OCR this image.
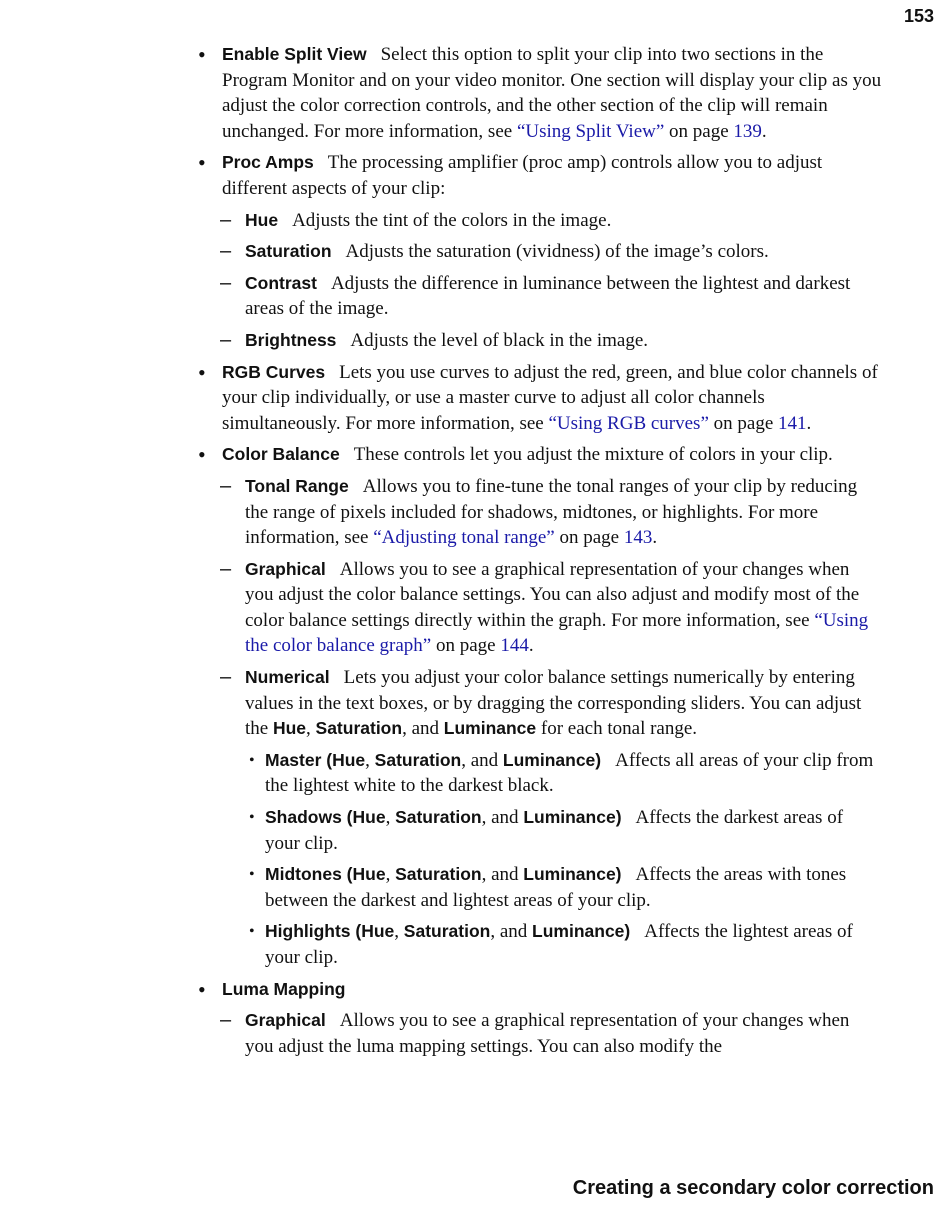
153
• Enable Split View Select this option to split your clip into two sections in the Program Monitor and on your video monitor. One section will display your clip as you adjust the color correction controls, and the other section of the clip will remain unchanged. For more information, see “Using Split View” on page 139.
• Proc Amps The processing amplifier (proc amp) controls allow you to adjust different aspects of your clip:
– Hue Adjusts the tint of the colors in the image.
– Saturation Adjusts the saturation (vividness) of the image’s colors.
– Contrast Adjusts the difference in luminance between the lightest and darkest areas of the image.
– Brightness Adjusts the level of black in the image.
• RGB Curves Lets you use curves to adjust the red, green, and blue color channels of your clip individually, or use a master curve to adjust all color channels simultaneously. For more information, see “Using RGB curves” on page 141.
• Color Balance These controls let you adjust the mixture of colors in your clip.
– Tonal Range Allows you to fine-tune the tonal ranges of your clip by reducing the range of pixels included for shadows, midtones, or highlights. For more information, see “Adjusting tonal range” on page 143.
– Graphical Allows you to see a graphical representation of your changes when you adjust the color balance settings. You can also adjust and modify most of the color balance settings directly within the graph. For more information, see “Using the color balance graph” on page 144.
– Numerical Lets you adjust your color balance settings numerically by entering values in the text boxes, or by dragging the corresponding sliders. You can adjust the Hue, Saturation, and Luminance for each tonal range.
• Master (Hue, Saturation, and Luminance) Affects all areas of your clip from the lightest white to the darkest black.
• Shadows (Hue, Saturation, and Luminance) Affects the darkest areas of your clip.
• Midtones (Hue, Saturation, and Luminance) Affects the areas with tones between the darkest and lightest areas of your clip.
• Highlights (Hue, Saturation, and Luminance) Affects the lightest areas of your clip.
• Luma Mapping
– Graphical Allows you to see a graphical representation of your changes when you adjust the luma mapping settings. You can also modify the
Creating a secondary color correction
